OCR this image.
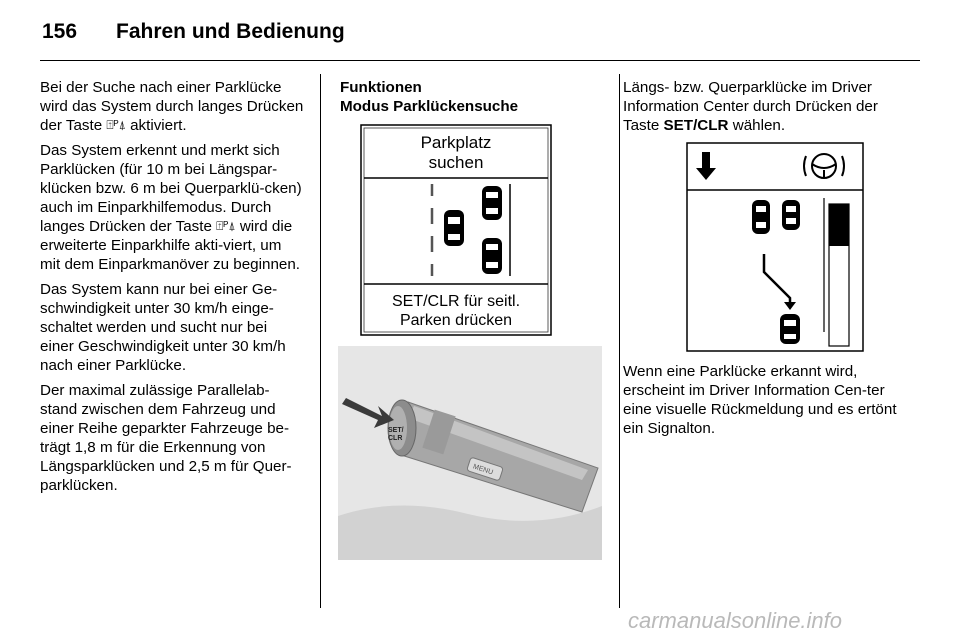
156 Fahren und Bedienung

Bei der Suche nach einer Parklücke wird das System durch langes Drücken der Taste ⍐ᴾ⍋ aktiviert.

Das System erkennt und merkt sich Parklücken (für 10 m bei Längspar-klücken bzw. 6 m bei Querparklü-cken) auch im Einparkhilfemodus. Durch langes Drücken der Taste ⍐ᴾ⍋ wird die erweiterte Einparkhilfe akti-viert, um mit dem Einparkmanöver zu beginnen.

Das System kann nur bei einer Ge-schwindigkeit unter 30 km/h einge-schaltet werden und sucht nur bei einer Geschwindigkeit unter 30 km/h nach einer Parklücke.

Der maximal zulässige Parallelab-stand zwischen dem Fahrzeug und einer Reihe geparkter Fahrzeuge be-trägt 1,8 m für die Erkennung von Längsparklücken und 2,5 m für Quer-parklücken.

Funktionen
Modus Parklückensuche
Parkplatz
suchen
SET/CLR für seitl.
Parken drücken
SET/
CLR
MENU

Längs- bzw. Querparklücke im Driver Information Center durch Drücken der Taste SET/CLR wählen.

Wenn eine Parklücke erkannt wird, erscheint im Driver Information Cen-ter eine visuelle Rückmeldung und es ertönt ein Signalton.

carmanualsonline.info
